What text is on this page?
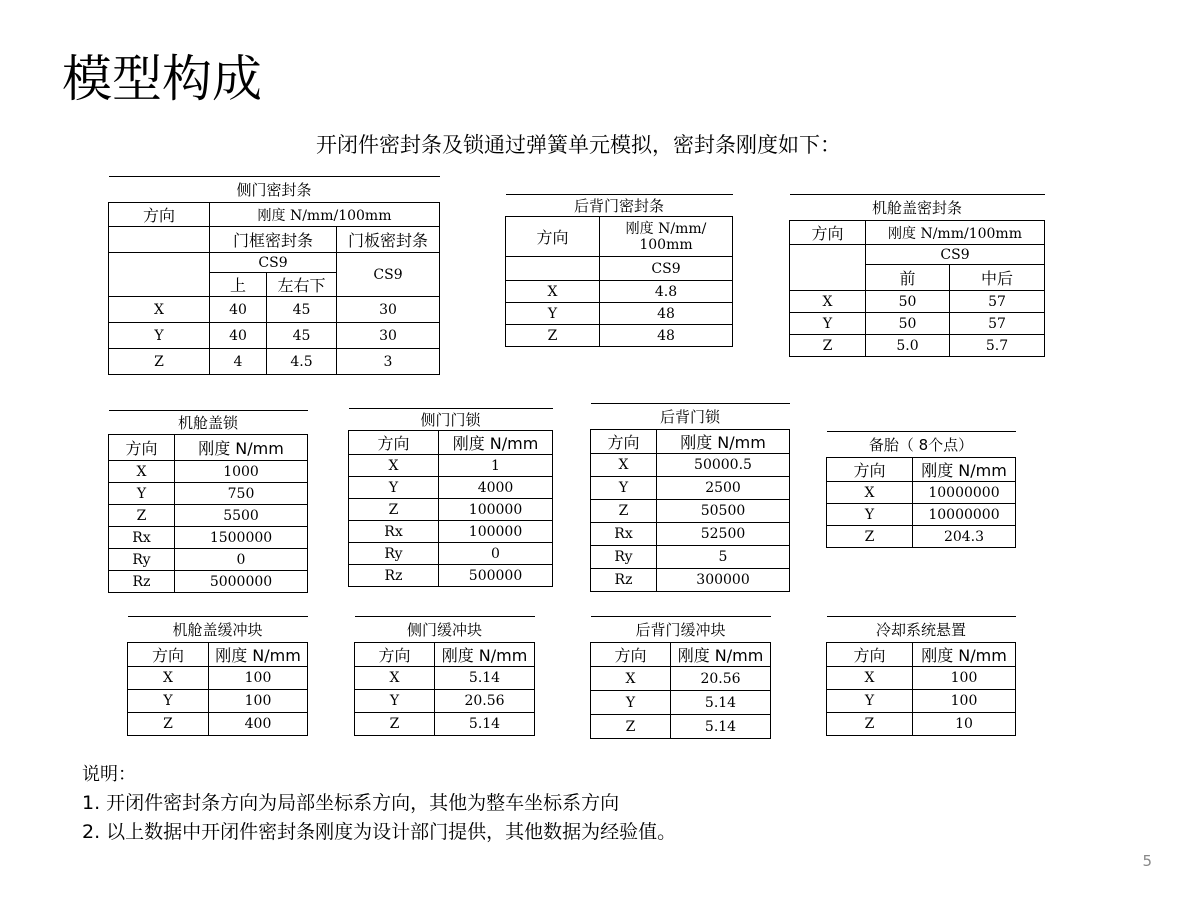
模型构成
开闭件密封条及锁通过弹簧单元模拟，密封条刚度如下：
侧门密封条			
方向	刚度 N/mm/100mm		
	门框密封条		门板密封条
	CS9		CS9
	上	左右下	
X	40	45	30
Y	40	45	30
Z	4	4.5	3
后背门密封条	
方向	刚度 N/mm/ 100mm
	CS9
X	4.8
Y	48
Z	48
机舱盖密封条		
方向	刚度 N/mm/100mm	
	CS9	
	前	中后
X	50	57
Y	50	57
Z	5.0	5.7
机舱盖锁	
方向	刚度 N/mm
X	1000
Y	750
Z	5500
Rx	1500000
Ry	0
Rz	5000000
侧门门锁	
方向	刚度 N/mm
X	1
Y	4000
Z	100000
Rx	100000
Ry	0
Rz	500000
后背门锁	
方向	刚度 N/mm
X	50000.5
Y	2500
Z	50500
Rx	52500
Ry	5
Rz	300000
备胎（ 8个点）	
方向	刚度 N/mm
X	10000000
Y	10000000
Z	204.3
机舱盖缓冲块	
方向	刚度 N/mm
X	100
Y	100
Z	400
侧门缓冲块	
方向	刚度 N/mm
X	5.14
Y	20.56
Z	5.14
后背门缓冲块	
方向	刚度 N/mm
X	20.56
Y	5.14
Z	5.14
冷却系统悬置	
方向	刚度 N/mm
X	100
Y	100
Z	10
说明：
1. 开闭件密封条方向为局部坐标系方向，其他为整车坐标系方向
2. 以上数据中开闭件密封条刚度为设计部门提供，其他数据为经验值。
5
